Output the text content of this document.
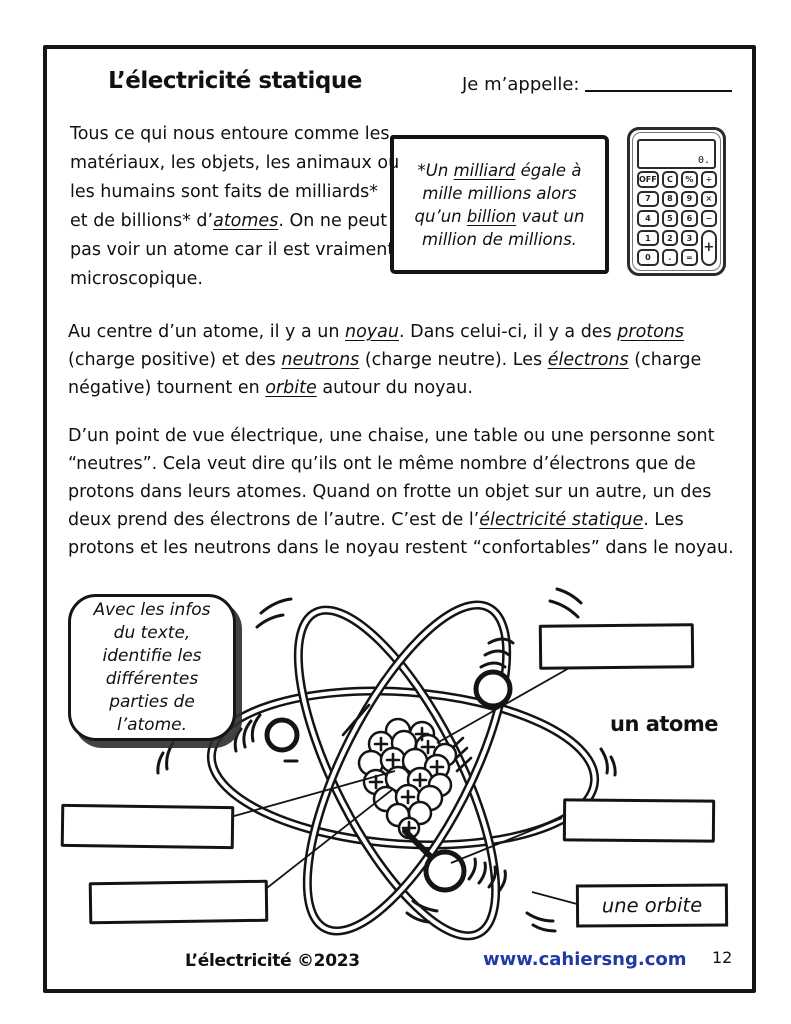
L’électricité statique	Je m’appelle:

Tous ce qui nous entoure comme les matériaux, les objets, les animaux ou les humains sont faits de milliards* et de billions* d’atomes. On ne peut pas voir un atome car il est vraiment microscopique.

*Un milliard égale à mille millions alors qu’un billion vaut un million de millions.
0.
OFF	C	%	÷
7	8	9	×
4	5	6	−
1	2	3
+
0	.	=

Au centre d’un atome, il y a un noyau. Dans celui-ci, il y a des protons (charge positive) et des neutrons (charge neutre). Les électrons (charge négative) tournent en orbite autour du noyau.

D’un point de vue électrique, une chaise, une table ou une personne sont “neutres”. Cela veut dire qu’ils ont le même nombre d’électrons que de protons dans leurs atomes. Quand on frotte un objet sur un autre, un des deux prend des électrons de l’autre. C’est de l’électricité statique. Les protons et les neutrons dans le noyau restent “confortables” dans le noyau.

Avec les infos du texte, identifie les différentes parties de l’atome.
une orbite
un atome
L’électricité ©2023	www.cahiersng.com 12
